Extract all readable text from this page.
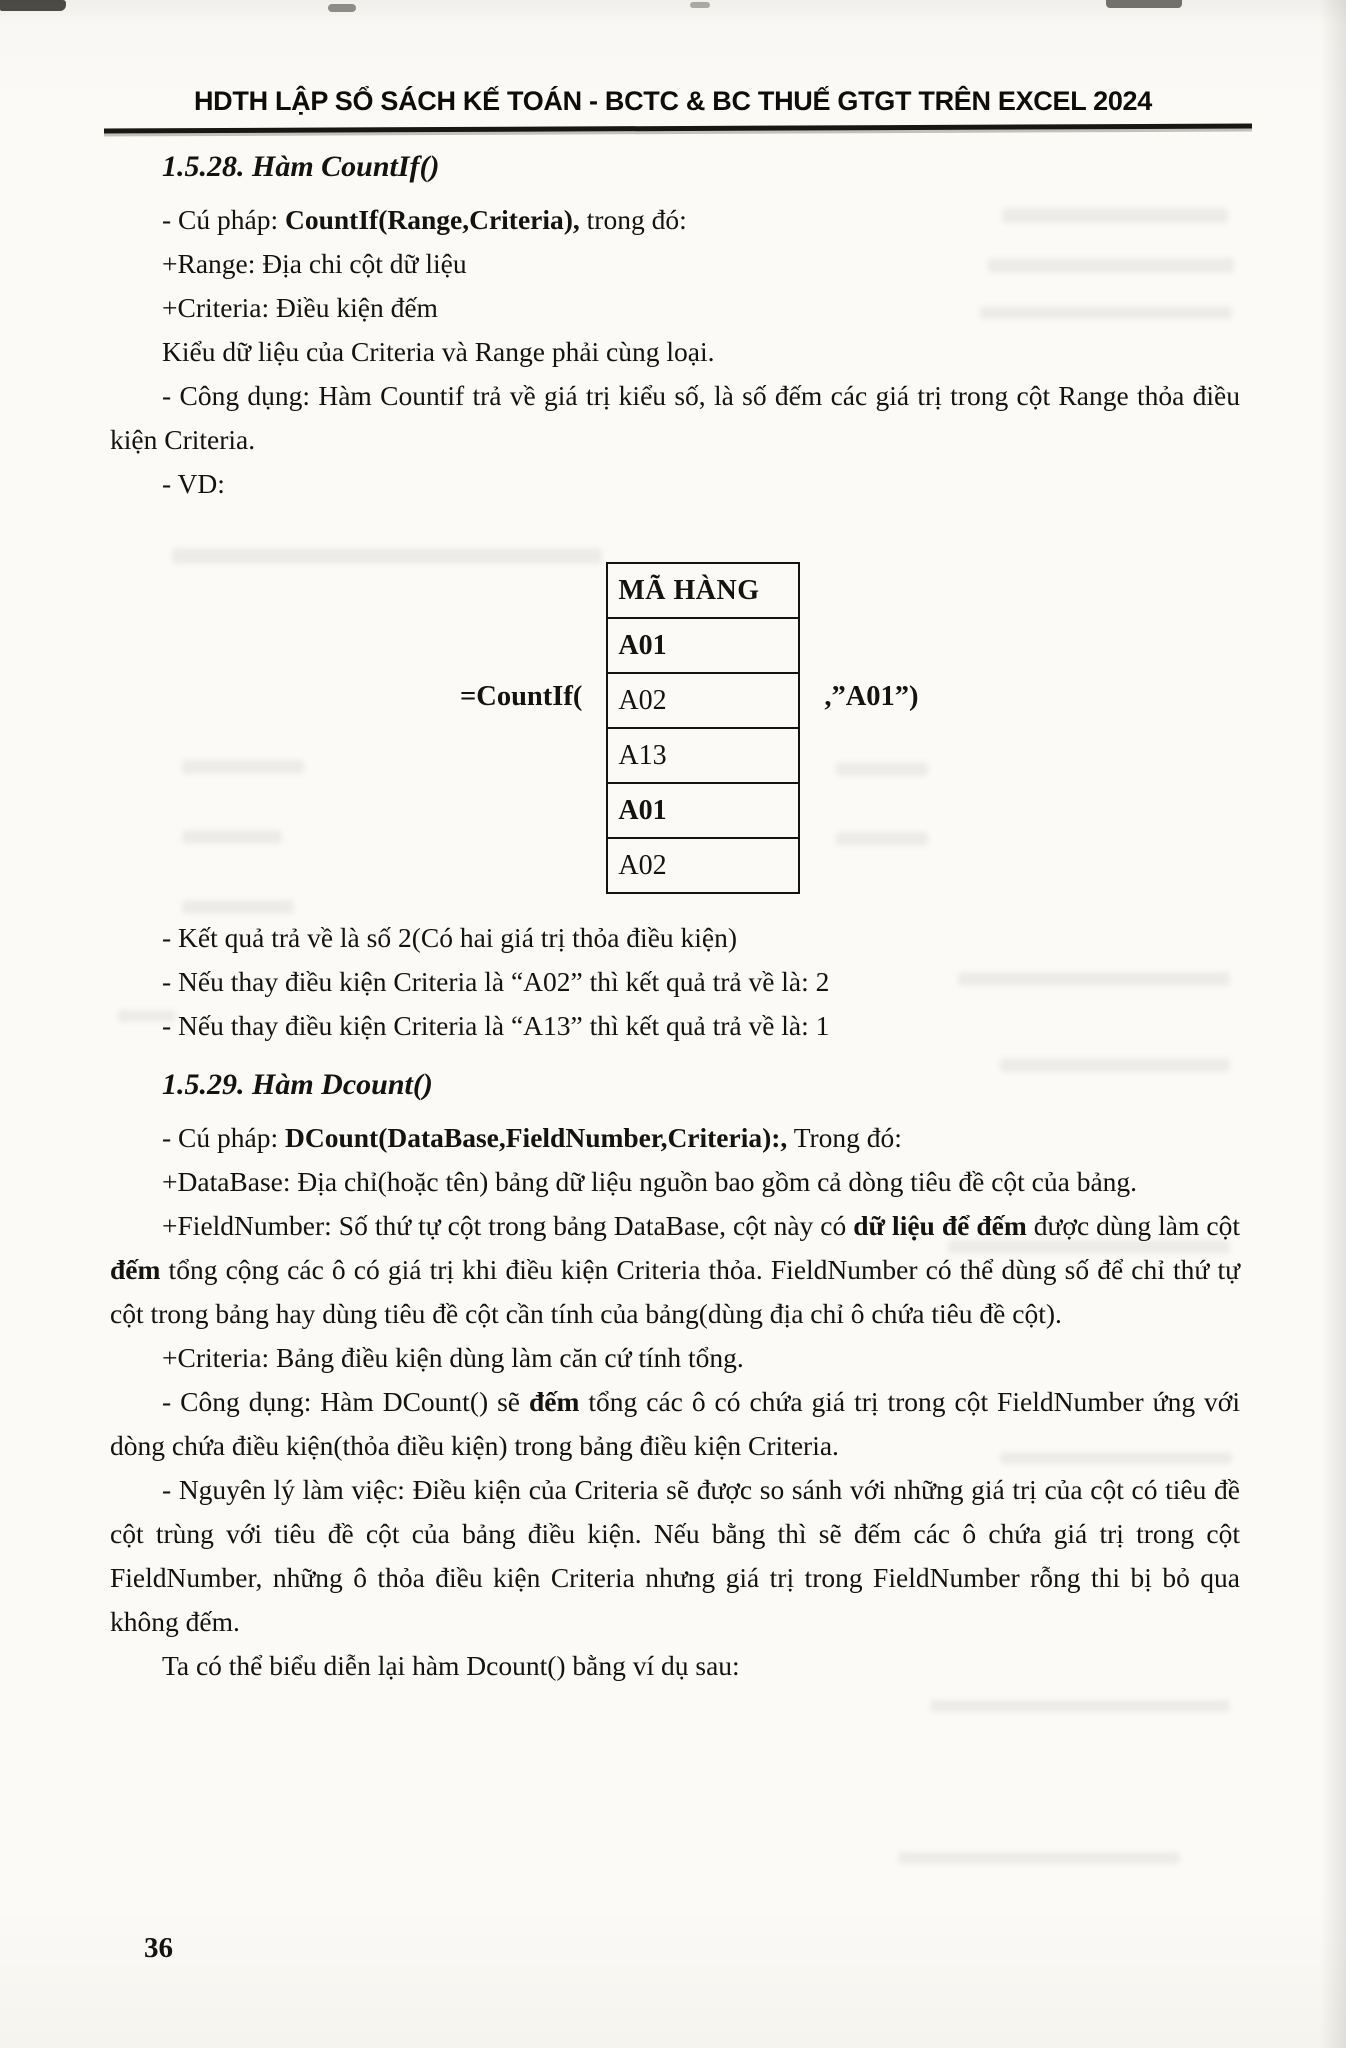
HDTH LẬP SỔ SÁCH KẾ TOÁN - BCTC & BC THUẾ GTGT TRÊN EXCEL 2024
1.5.28. Hàm CountIf()

- Cú pháp: CountIf(Range,Criteria), trong đó:

+Range: Địa chi cột dữ liệu

+Criteria: Điều kiện đếm

Kiểu dữ liệu của Criteria và Range phải cùng loại.

- Công dụng: Hàm Countif trả về giá trị kiểu số, là số đếm các giá trị trong cột Range thỏa điều kiện Criteria.

- VD:

=CountIf(
MÃ HÀNG
A01
A02
A13
A01
A02
,”A01”)

- Kết quả trả về là số 2(Có hai giá trị thỏa điều kiện)

- Nếu thay điều kiện Criteria là “A02” thì kết quả trả về là: 2

- Nếu thay điều kiện Criteria là “A13” thì kết quả trả về là: 1

1.5.29. Hàm Dcount()

- Cú pháp: DCount(DataBase,FieldNumber,Criteria):, Trong đó:

+DataBase: Địa chỉ(hoặc tên) bảng dữ liệu nguồn bao gồm cả dòng tiêu đề cột của bảng.

+FieldNumber: Số thứ tự cột trong bảng DataBase, cột này có dữ liệu để đếm được dùng làm cột đếm tổng cộng các ô có giá trị khi điều kiện Criteria thỏa. FieldNumber có thể dùng số để chỉ thứ tự cột trong bảng hay dùng tiêu đề cột cần tính của bảng(dùng địa chỉ ô chứa tiêu đề cột).

+Criteria: Bảng điều kiện dùng làm căn cứ tính tổng.

- Công dụng: Hàm DCount() sẽ đếm tổng các ô có chứa giá trị trong cột FieldNumber ứng với dòng chứa điều kiện(thỏa điều kiện) trong bảng điều kiện Criteria.

- Nguyên lý làm việc: Điều kiện của Criteria sẽ được so sánh với những giá trị của cột có tiêu đề cột trùng với tiêu đề cột của bảng điều kiện. Nếu bằng thì sẽ đếm các ô chứa giá trị trong cột FieldNumber, những ô thỏa điều kiện Criteria nhưng giá trị trong FieldNumber rỗng thi bị bỏ qua không đếm.

Ta có thể biểu diễn lại hàm Dcount() bằng ví dụ sau:

36
